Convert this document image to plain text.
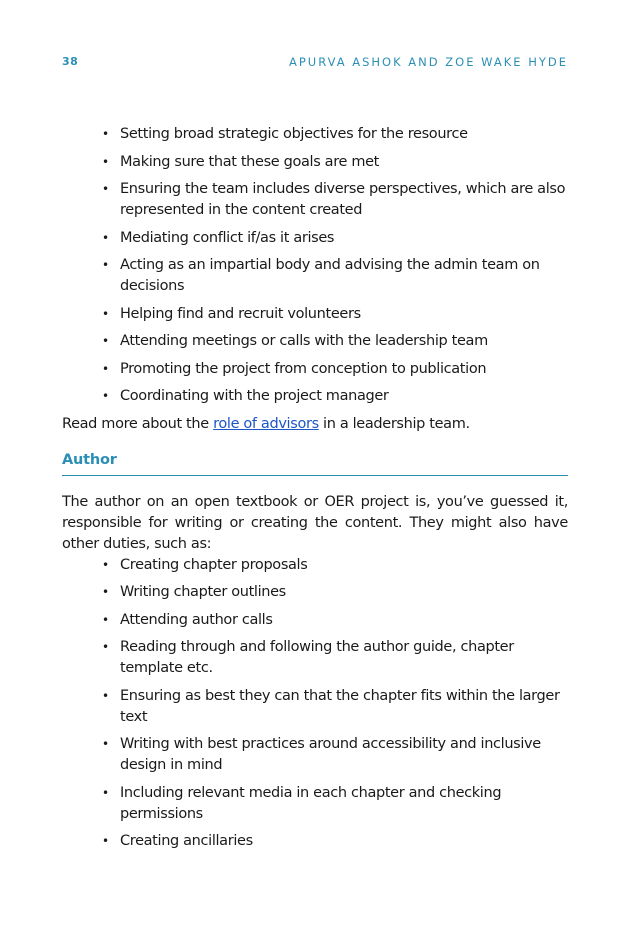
38	APURVA ASHOK AND ZOE WAKE HYDE
• Setting broad strategic objectives for the resource
• Making sure that these goals are met
• Ensuring the team includes diverse perspectives, which are also represented in the content created
• Mediating conflict if/as it arises
• Acting as an impartial body and advising the admin team on decisions
• Helping find and recruit volunteers
• Attending meetings or calls with the leadership team
• Promoting the project from conception to publication
• Coordinating with the project manager

Read more about the role of advisors in a leadership team.

Author

The author on an open textbook or OER project is, you’ve guessed it, responsible for writing or creating the content. They might also have other duties, such as:

• Creating chapter proposals
• Writing chapter outlines
• Attending author calls
• Reading through and following the author guide, chapter template etc.
• Ensuring as best they can that the chapter fits within the larger text
• Writing with best practices around accessibility and inclusive design in mind
• Including relevant media in each chapter and checking permissions
• Creating ancillaries
